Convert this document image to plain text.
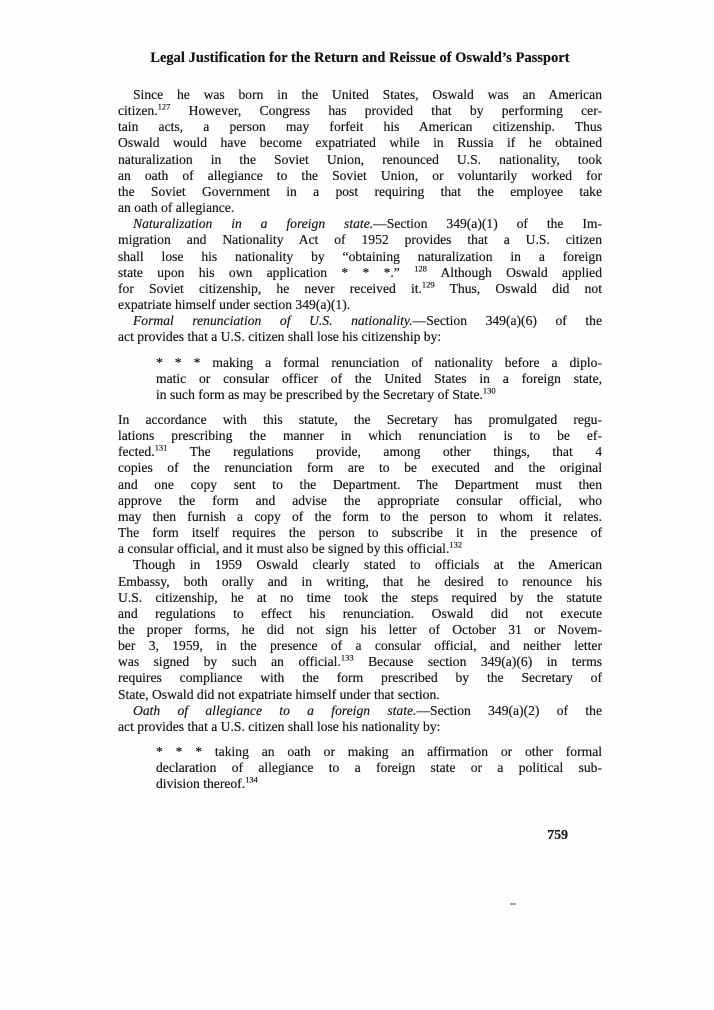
Legal Justification for the Return and Reissue of Oswald’s Passport
Since he was born in the United States, Oswald was an American
citizen.$^{127}$ However, Congress has provided that by performing cer-
tain acts, a person may forfeit his American citizenship. Thus
Oswald would have become expatriated while in Russia if he obtained
naturalization in the Soviet Union, renounced U.S. nationality, took
an oath of allegiance to the Soviet Union, or voluntarily worked for
the Soviet Government in a post requiring that the employee take
an oath of allegiance.
Naturalization in a foreign state.—Section 349(a)(1) of the Im-
migration and Nationality Act of 1952 provides that a U.S. citizen
shall lose his nationality by “obtaining naturalization in a foreign
state upon his own application * * *.” $^{128}$ Although Oswald applied
for Soviet citizenship, he never received it.$^{129}$ Thus, Oswald did not
expatriate himself under section 349(a)(1).
Formal renunciation of U.S. nationality.—Section 349(a)(6) of the
act provides that a U.S. citizen shall lose his citizenship by:
* * * making a formal renunciation of nationality before a diplo-
matic or consular officer of the United States in a foreign state,
in such form as may be prescribed by the Secretary of State.$^{130}$
In accordance with this statute, the Secretary has promulgated regu-
lations prescribing the manner in which renunciation is to be ef-
fected.$^{131}$ The regulations provide, among other things, that 4
copies of the renunciation form are to be executed and the original
and one copy sent to the Department. The Department must then
approve the form and advise the appropriate consular official, who
may then furnish a copy of the form to the person to whom it relates.
The form itself requires the person to subscribe it in the presence of
a consular official, and it must also be signed by this official.$^{132}$
Though in 1959 Oswald clearly stated to officials at the American
Embassy, both orally and in writing, that he desired to renounce his
U.S. citizenship, he at no time took the steps required by the statute
and regulations to effect his renunciation. Oswald did not execute
the proper forms, he did not sign his letter of October 31 or Novem-
ber 3, 1959, in the presence of a consular official, and neither letter
was signed by such an official.$^{133}$ Because section 349(a)(6) in terms
requires compliance with the form prescribed by the Secretary of
State, Oswald did not expatriate himself under that section.
Oath of allegiance to a foreign state.—Section 349(a)(2) of the
act provides that a U.S. citizen shall lose his nationality by:
* * * taking an oath or making an affirmation or other formal
declaration of allegiance to a foreign state or a political sub-
division thereof.$^{134}$
759
